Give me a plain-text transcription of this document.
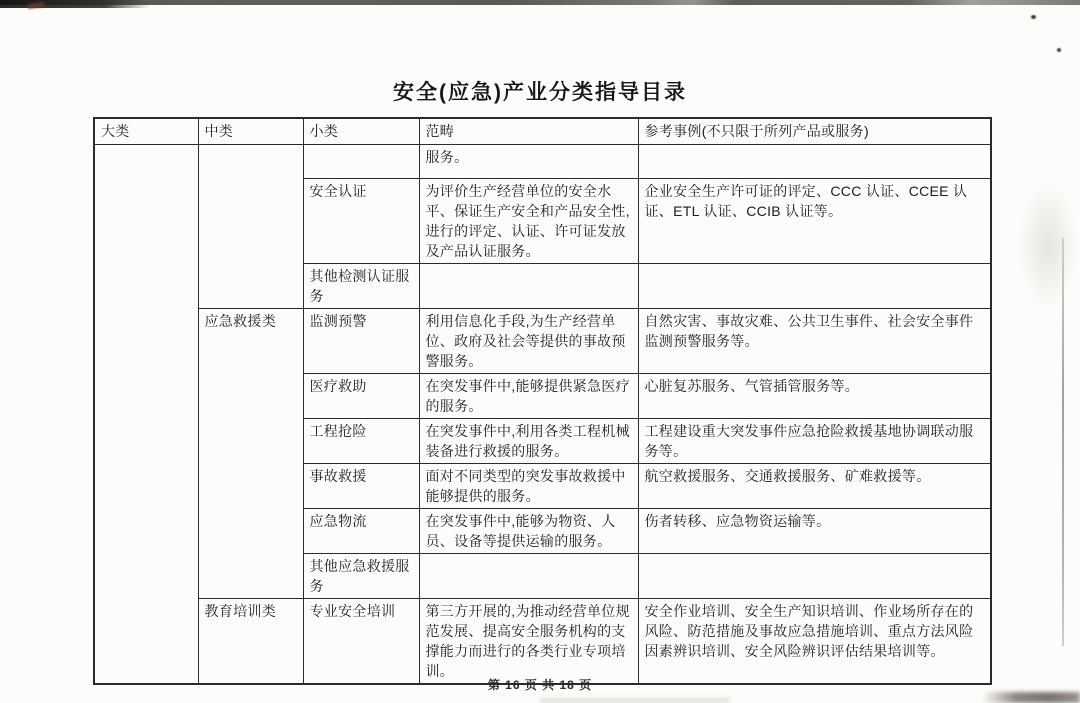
安全(应急)产业分类指导目录
大类	中类	小类	范畴	参考事例(不只限于所列产品或服务)
			服务。	
		安全认证	为评价生产经营单位的安全水平、保证生产安全和产品安全性,进行的评定、认证、许可证发放及产品认证服务。	企业安全生产许可证的评定、CCC 认证、CCEE 认证、ETL 认证、CCIB 认证等。
		其他检测认证服务		
	应急救援类	监测预警	利用信息化手段,为生产经营单位、政府及社会等提供的事故预警服务。	自然灾害、事故灾难、公共卫生事件、社会安全事件监测预警服务等。
		医疗救助	在突发事件中,能够提供紧急医疗的服务。	心脏复苏服务、气管插管服务等。
		工程抢险	在突发事件中,利用各类工程机械装备进行救援的服务。	工程建设重大突发事件应急抢险救援基地协调联动服务等。
		事故救援	面对不同类型的突发事故救援中能够提供的服务。	航空救援服务、交通救援服务、矿难救援等。
		应急物流	在突发事件中,能够为物资、人员、设备等提供运输的服务。	伤者转移、应急物资运输等。
		其他应急救援服务		
	教育培训类	专业安全培训	第三方开展的,为推动经营单位规范发展、提高安全服务机构的支撑能力而进行的各类行业专项培训。	安全作业培训、安全生产知识培训、作业场所存在的风险、防范措施及事故应急措施培训、重点方法风险因素辨识培训、安全风险辨识评估结果培训等。
第 16 页 共 18 页
